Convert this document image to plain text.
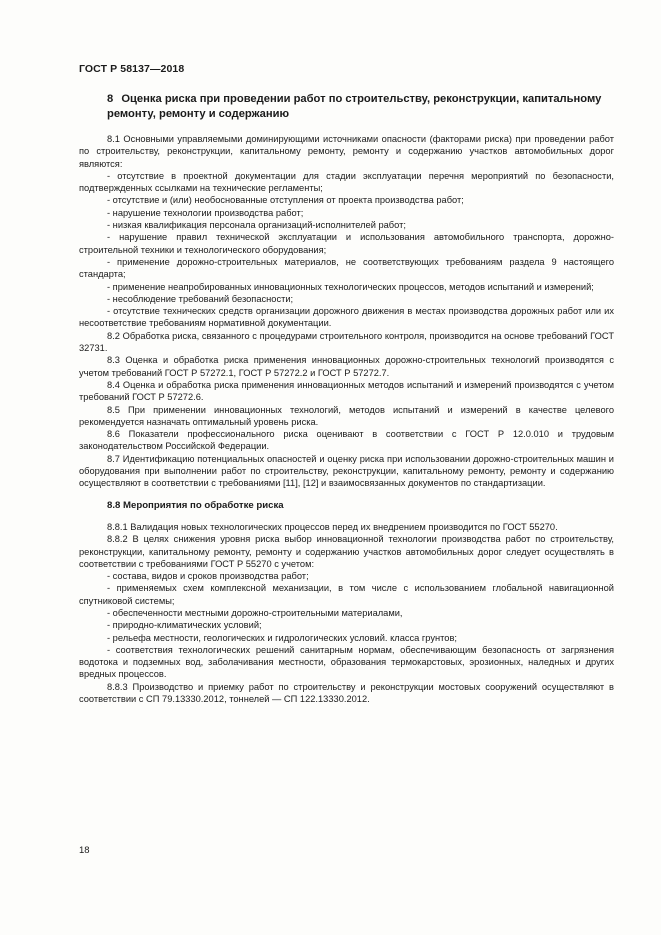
ГОСТ Р 58137—2018
8 Оценка риска при проведении работ по строительству, реконструкции, капитальному ремонту, ремонту и содержанию

8.1 Основными управляемыми доминирующими источниками опасности (факторами риска) при проведении работ по строительству, реконструкции, капитальному ремонту, ремонту и содержанию участков автомобильных дорог являются:

- отсутствие в проектной документации для стадии эксплуатации перечня мероприятий по безопасности, подтвержденных ссылками на технические регламенты;

- отсутствие и (или) необоснованные отступления от проекта производства работ;

- нарушение технологии производства работ;

- низкая квалификация персонала организаций-исполнителей работ;

- нарушение правил технической эксплуатации и использования автомобильного транспорта, дорожно-строительной техники и технологического оборудования;

- применение дорожно-строительных материалов, не соответствующих требованиям раздела 9 настоящего стандарта;

- применение неапробированных инновационных технологических процессов, методов испытаний и измерений;

- несоблюдение требований безопасности;

- отсутствие технических средств организации дорожного движения в местах производства дорожных работ или их несоответствие требованиям нормативной документации.

8.2 Обработка риска, связанного с процедурами строительного контроля, производится на основе требований ГОСТ 32731.

8.3 Оценка и обработка риска применения инновационных дорожно-строительных технологий производятся с учетом требований ГОСТ Р 57272.1, ГОСТ Р 57272.2 и ГОСТ Р 57272.7.

8.4 Оценка и обработка риска применения инновационных методов испытаний и измерений производятся с учетом требований ГОСТ Р 57272.6.

8.5 При применении инновационных технологий, методов испытаний и измерений в качестве целевого рекомендуется назначать оптимальный уровень риска.

8.6 Показатели профессионального риска оценивают в соответствии с ГОСТ Р 12.0.010 и трудовым законодательством Российской Федерации.

8.7 Идентификацию потенциальных опасностей и оценку риска при использовании дорожно-строительных машин и оборудования при выполнении работ по строительству, реконструкции, капитальному ремонту, ремонту и содержанию осуществляют в соответствии с требованиями [11], [12] и взаимосвязанных документов по стандартизации.

8.8 Мероприятия по обработке риска

8.8.1 Валидация новых технологических процессов перед их внедрением производится по ГОСТ 55270.

8.8.2 В целях снижения уровня риска выбор инновационной технологии производства работ по строительству, реконструкции, капитальному ремонту, ремонту и содержанию участков автомобильных дорог следует осуществлять в соответствии с требованиями ГОСТ Р 55270 с учетом:

- состава, видов и сроков производства работ;

- применяемых схем комплексной механизации, в том числе с использованием глобальной навигационной спутниковой системы;

- обеспеченности местными дорожно-строительными материалами,

- природно-климатических условий;

- рельефа местности, геологических и гидрологических условий. класса грунтов;

- соответствия технологических решений санитарным нормам, обеспечивающим безопасность от загрязнения водотока и подземных вод, заболачивания местности, образования термокарстовых, эрозионных, наледных и других вредных процессов.

8.8.3 Производство и приемку работ по строительству и реконструкции мостовых сооружений осуществляют в соответствии с СП 79.13330.2012, тоннелей — СП 122.13330.2012.

18
